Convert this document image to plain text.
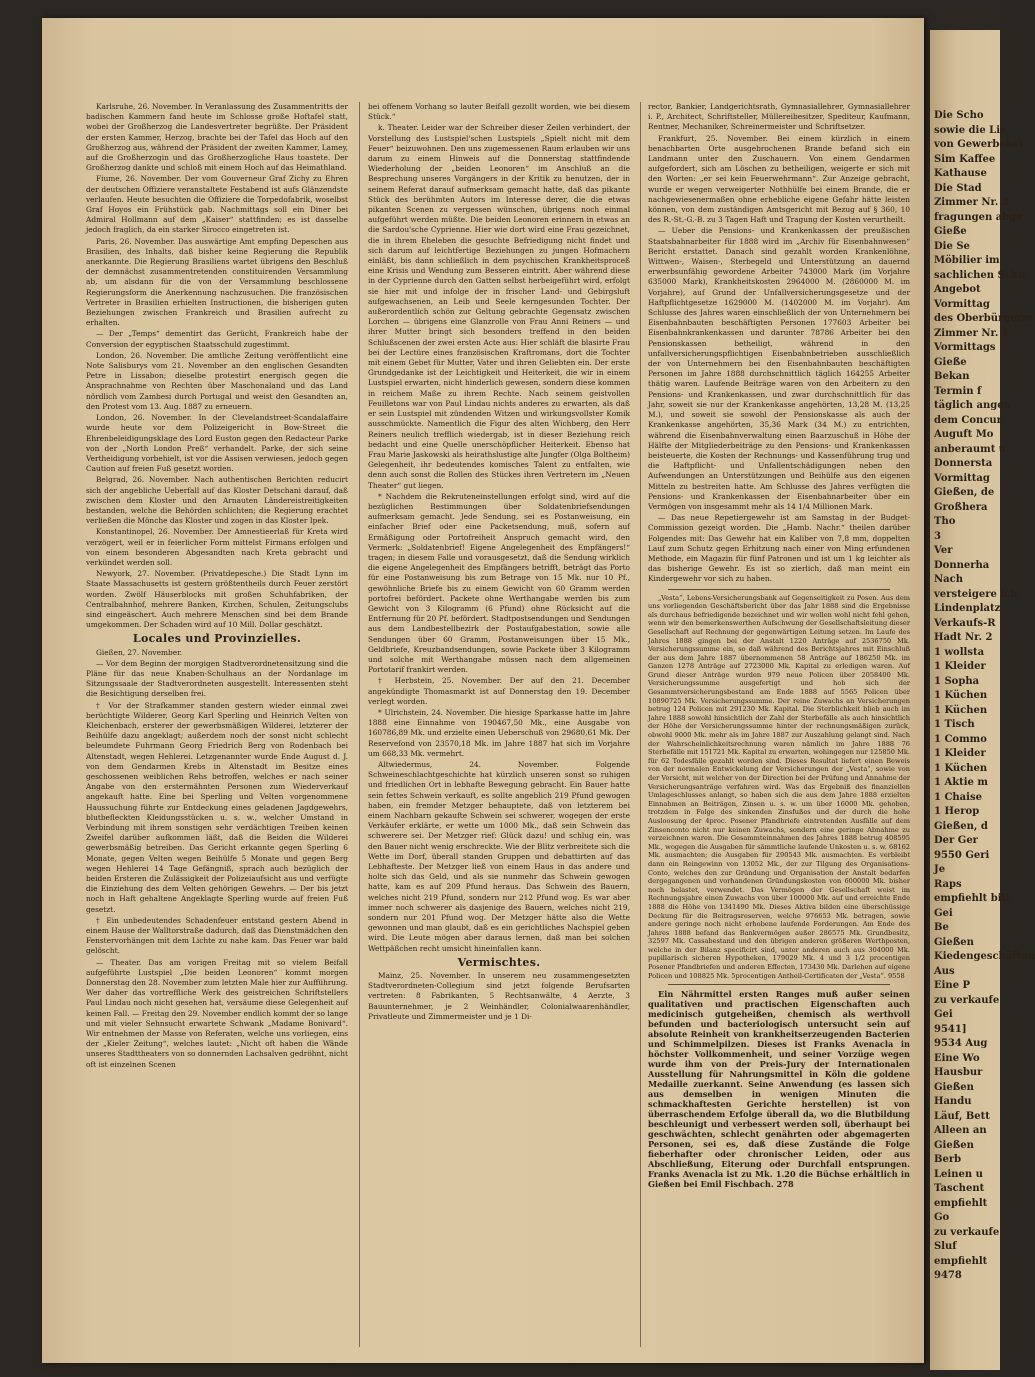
Karlsruhe, 26. November. In Veranlassung des Zusammentritts der badischen Kammern fand heute im Schlosse große Hoftafel statt, wobei der Großherzog die Landesvertreter begrüßte. Der Präsident der ersten Kammer, Herzog, brachte bei der Tafel das Hoch auf den Großherzog aus, während der Präsident der zweiten Kammer, Lamey, auf die Großherzogin und das Großherzogliche Haus toastete. Der Großherzog dankte und schloß mit einem Hoch auf das Heimathland.

Fiume, 26. November. Der vom Gouverneur Graf Zichy zu Ehren der deutschen Offiziere veranstaltete Festabend ist aufs Glänzendste verlaufen. Heute besuchten die Offiziere die Torpedofabrik, woselbst Graf Hoyos ein Frühstück gab. Nachmittags soll ein Diner bei Admiral Hollmann auf dem „Kaiser“ stattfinden; es ist dasselbe jedoch fraglich, da ein starker Sirocco eingetreten ist.

Paris, 26. November. Das auswärtige Amt empfing Depeschen aus Brasilien, des Inhalts, daß bisher keine Regierung die Republik anerkannte. Die Regierung Brasiliens wartet übrigens den Beschluß der demnächst zusammentretenden constituirenden Versammlung ab, um alsdann für die von der Versammlung beschlossene Regierungsform die Anerkennung nachzusuchen. Die französischen Vertreter in Brasilien erhielten Instructionen, die bisherigen guten Beziehungen zwischen Frankreich und Brasilien aufrecht zu erhalten.

— Der „Temps“ dementirt das Gerücht, Frankreich habe der Conversion der egyptischen Staatsschuld zugestimmt.

London, 26. November. Die amtliche Zeitung veröffentlicht eine Note Salisburys vom 21. November an den englischen Gesandten Petre in Lissabon; dieselbe protestirt energisch gegen die Ansprachnahme von Rechten über Maschonaland und das Land nördlich vom Zambesi durch Portugal und weist den Gesandten an, den Protest vom 13. Aug. 1887 zu erneuern.

London, 26. November. In der Clevelandstreet-Scandalaffaire wurde heute vor dem Polizeigericht in Bow-Street die Ehrenbeleidigungsklage des Lord Euston gegen den Redacteur Parke von der „North London Preß“ verhandelt. Parke, der sich seine Vertheidigung vorbehielt, ist vor die Assisen verwiesen, jedoch gegen Caution auf freien Fuß gesetzt worden.

Belgrad, 26. November. Nach authentischen Berichten reducirt sich der angebliche Ueberfall auf das Kloster Detschani darauf, daß zwischen dem Kloster und den Arnauten Ländereistreitigkeiten bestanden, welche die Behörden schlichten; die Regierung erachtet verließen die Mönche das Kloster und zogen in das Kloster Ipek.

Konstantinopel, 26. November. Der Amnestieerlaß für Kreta wird verzögert, weil er in feierlicher Form mittelst Firmans erfolgen und von einem besonderen Abgesandten nach Kreta gebracht und verkündet werden soll.

Newyork, 27. November. (Privatdepesche.) Die Stadt Lynn im Staate Massachusetts ist gestern größtentheils durch Feuer zerstört worden. Zwölf Häuserblocks mit großen Schuhfabriken, der Centralbahnhof, mehrere Banken, Kirchen, Schulen, Zeitungsclubs sind eingeäschert. Auch mehrere Menschen sind bei dem Brande umgekommen. Der Schaden wird auf 10 Mill. Dollar geschätzt.

Locales und Provinzielles.

Gießen, 27. November.

— Vor dem Beginn der morgigen Stadtverordnetensitzung sind die Pläne für das neue Knaben-Schulhaus an der Nordanlage im Sitzungssaale der Stadtverordneten ausgestellt. Interessenten steht die Besichtigung derselben frei.

† Vor der Strafkammer standen gestern wieder einmal zwei berüchtigte Wilderer, Georg Karl Sperling und Heinrich Velten von Kleichenbach, ersterer der gewerbsmäßigen Wilderei, letzterer der Beihülfe dazu angeklagt; außerdem noch der sonst nicht schlecht beleumdete Fuhrmann Georg Friedrich Berg von Rodenbach bei Altenstadt, wegen Hehlerei. Letzgenannter wurde Ende August d. J. von dem Gendarmen Krebs in Altenstadt im Besitze eines geschossenen weiblichen Rehs betroffen, welches er nach seiner Angabe von den erstermähnten Personen zum Wiederverkauf angekauft hatte. Eine bei Sperling und Velten vorgenommene Haussuchung führte zur Entdeckung eines geladenen Jagdgewehrs, blutbefleckten Kleidungsstücken u. s. w., welcher Umstand in Verbindung mit ihrem sonstigen sehr verdächtigen Treiben keinen Zweifel darüber aufkommen läßt, daß die Beiden die Wilderei gewerbsmäßig betreiben. Das Gericht erkannte gegen Sperling 6 Monate, gegen Velten wegen Beihülfe 5 Monate und gegen Berg wegen Hehlerei 14 Tage Gefängniß, sprach auch bezüglich der beiden Ersteren die Zulässigkeit der Polizeiaufsicht aus und verfügte die Einziehung des dem Velten gehörigen Gewehrs. — Der bis jetzt noch in Haft gehaltene Angeklagte Sperling wurde auf freien Fuß gesetzt.

† Ein unbedeutendes Schadenfeuer entstand gestern Abend in einem Hause der Walltorstraße dadurch, daß das Dienstmädchen den Fenstervorhängen mit dem Lichte zu nahe kam. Das Feuer war bald gelöscht.

— Theater. Das am vorigen Freitag mit so vielem Beifall aufgeführte Lustspiel „Die beiden Leonoren“ kommt morgen Donnerstag den 28. November zum letzten Male hier zur Aufführung. Wer daher das vortreffliche Werk des geistreichen Schriftstellers Paul Lindau noch nicht gesehen hat, versäume diese Gelegenheit auf keinen Fall. — Freitag den 29. November endlich kommt der so lange und mit vieler Sehnsucht erwartete Schwank „Madame Bonivard“. Wir entnehmen der Masse von Referaten, welche uns vorliegen, eins der „Kieler Zeitung“, welches lautet: „Nicht oft haben die Wände unseres Stadttheaters von so donnernden Lachsalven gedröhnt, nicht oft ist einzelnen Scenen

bei offenem Vorhang so lauter Beifall gezollt worden, wie bei diesem Stück.“

k. Theater. Leider war der Schreiber dieser Zeilen verhindert, der Vorstellung des Lustspiel'schen Lustspiels „Spielt nicht mit dem Feuer“ beizuwohnen. Den uns zugemessenen Raum erlauben wir uns darum zu einem Hinweis auf die Donnerstag stattfindende Wiederholung der „beiden Leonoren“ im Anschluß an die Besprechung unseres Vorgängers in der Kritik zu benutzen, der in seinem Referat darauf aufmerksam gemacht hatte, daß das pikante Stück des berühmten Autors im Interesse derer, die die etwas pikanten Scenen zu vergessen wünschen, übrigens noch einmal aufgeführt werden müßte. Die beiden Leonoren erinnern in etwas an die Sardou'sche Cyprienne. Hier wie dort wird eine Frau gezeichnet, die in ihrem Eheleben die gesuchte Befriedigung nicht findet und sich darum auf leichtfertige Beziehungen zu jungen Hofmachern einläßt, bis dann schließlich in dem psychischen Krankheitsproceß eine Krisis und Wendung zum Besseren eintritt. Aber während diese in der Cyprienne durch den Gatten selbst herbeigeführt wird, erfolgt sie hier mit und infolge der in frischer Land- und Gebirgsluft aufgewachsenen, an Leib und Seele kerngesunden Tochter. Der außerordentlich schön zur Geltung gebrachte Gegensatz zwischen Lorchen — übrigens eine Glanzrolle von Frau Anni Reiners — und ihrer Mutter bringt sich besonders treffend in den beiden Schlußscenen der zwei ersten Acte aus: Hier schläft die blasirte Frau bei der Lectüre eines französischen Kraftromans, dort die Tochter mit einem Gebet für Mutter, Vater und ihren Geliebten ein. Der erste Grundgedanke ist der Leichtigkeit und Heiterkeit, die wir in einem Lustspiel erwarten, nicht hinderlich gewesen, sondern diese kommen in reichem Maße zu ihrem Rechte. Nach seinem geistvollen Feuilletons war von Paul Lindau nichts anderes zu erwarten, als daß er sein Lustspiel mit zündenden Witzen und wirkungsvollster Komik ausschmückte. Namentlich die Figur des alten Wichberg, den Herr Reiners neulich trefflich wiedergab, ist in dieser Beziehung reich bedacht und eine Quelle unerschöpflicher Heiterkeit. Ebenso hat Frau Marie Jaskowski als heirathslustige alte Jungfer (Olga Boltheim) Gelegenheit, ihr bedeutendes komisches Talent zu entfalten, wie denn auch sonst die Rollen des Stückes ihren Vertretern im „Neuen Theater“ gut liegen.

* Nachdem die Rekruteneinstellungen erfolgt sind, wird auf die bezüglichen Bestimmungen über Soldatenbriefsendungen aufmerksam gemacht. Jede Sendung, sei es Postanweisung, ein einfacher Brief oder eine Packetsendung, muß, sofern auf Ermäßigung oder Portofreiheit Anspruch gemacht wird, den Vermerk: „Soldatenbrief! Eigene Angelegenheit des Empfängers!“ tragen; in diesem Falle und vorausgesetzt, daß die Sendung wirklich die eigene Angelegenheit des Empfängers betrifft, beträgt das Porto für eine Postanweisung bis zum Betrage von 15 Mk. nur 10 Pf., gewöhnliche Briefe bis zu einem Gewicht von 60 Gramm werden portofrei befördert. Packete ohne Werthangabe werden bis zum Gewicht von 3 Kilogramm (6 Pfund) ohne Rücksicht auf die Entfernung für 20 Pf. befördert. Stadtpostsendungen und Sendungen aus dem Landbestellbezirk der Postaufgabestation, sowie alle Sendungen über 60 Gramm, Postanweisungen über 15 Mk., Geldbriefe, Kreuzbandsendungen, sowie Packete über 3 Kilogramm und solche mit Werthangabe müssen nach dem allgemeinen Portotarif frankirt werden.

† Herbstein, 25. November. Der auf den 21. December angekündigte Thomasmarkt ist auf Donnerstag den 19. December verlegt worden.

* Ulrichstein, 24. November. Die hiesige Sparkasse hatte im Jahre 1888 eine Einnahme von 190467,50 Mk., eine Ausgabe von 160786,89 Mk. und erzielte einen Ueberschuß von 29680,61 Mk. Der Reservefond von 23570,18 Mk. im Jahre 1887 hat sich im Vorjahre um 668,33 Mk. vermehrt.

Altwiedermus, 24. November. Folgende Schweineschlachtgeschichte hat kürzlich unseren sonst so ruhigen und friedlichen Ort in lebhafte Bewegung gebracht. Ein Bauer hatte sein fettes Schwein verkauft, es sollte angeblich 219 Pfund gewogen haben, ein fremder Metzger behauptete, daß von letzterem bei einem Nachbarn gekaufte Schwein sei schwerer, wogegen der erste Verkäufer erklärte, er wette um 1000 Mk., daß sein Schwein das schwerere sei. Der Metzger rief: Glück dazu! und schlug ein, was den Bauer nicht wenig erschreckte. Wie der Blitz verbreitete sich die Wette im Dorf, überall standen Gruppen und debattirten auf das Lebhafteste. Der Metzger ließ von einem Haus in das andere und holte sich das Geld, und als sie nunmehr das Schwein gewogen hatte, kam es auf 209 Pfund heraus. Das Schwein des Bauern, welches nicht 219 Pfund, sondern nur 212 Pfund wog. Es war aber immer noch schwerer als dasjenige des Bauern, welches nicht 219, sondern nur 201 Pfund wog. Der Metzger hätte also die Wette gewonnen und man glaubt, daß es ein gerichtliches Nachspiel geben wird. Die Leute mögen aber daraus lernen, daß man bei solchen Wettpäßchen recht umsicht hineinfallen kann.

Vermischtes.

Mainz, 25. November. In unserem neu zusammengesetzten Stadtverordneten-Collegium sind jetzt folgende Berufsarten vertreten: 8 Fabrikanten, 5 Rechtsanwälte, 4 Aerzte, 3 Bauunternehmer, je 2 Weinhändler, Colonialwaarenhändler, Privatleute und Zimmermeister und je 1 Di-

rector, Bankier, Landgerichtsrath, Gymnasiallehrer, Gymnasiallehrer i. P., Architect, Schriftsteller, Müllereibesitzer, Spediteur, Kaufmann, Rentner, Mechaniker, Schreinermeister und Schriftsetzer.

Frankfurt, 25. November. Bei einem kürzlich in einem benachbarten Orte ausgebrochenen Brande befand sich ein Landmann unter den Zuschauern. Von einem Gendarmen aufgefordert, sich am Löschen zu betheiligen, weigerte er sich mit den Worten: „er sei kein Feuerwehrmann“. Zur Anzeige gebracht, wurde er wegen verweigerter Nothhülfe bei einem Brande, die er nachgewiesenermaßen ohne erhebliche eigene Gefahr hätte leisten können, von dem zuständigen Amtsgericht mit Bezug auf § 360, 10 des R.-St.-G.-B. zu 3 Tagen Haft und Tragung der Kosten verurtheilt.

— Ueber die Pensions- und Krankenkassen der preußischen Staatsbahnarbeiter für 1888 wird im „Archiv für Eisenbahnwesen“ Bericht erstattet. Danach sind gezahlt worden Krankenlöhne, Wittwen-, Waisen-, Sterbegeld und Unterstützung an dauernd erwerbsunfähig gewordene Arbeiter 743000 Mark (im Vorjahre 635000 Mark), Krankheitskosten 2964000 M. (2860000 M. im Vorjahre), auf Grund der Unfallversicherungsgesetze und der Haftpflichtgesetze 1629000 M. (1402000 M. im Vorjahr). Am Schlusse des Jahres waren einschließlich der von Unternehmern bei Eisenbahnbauten beschäftigten Personen 177603 Arbeiter bei Eisenbahnkrankenkassen und darunter 78786 Arbeiter bei den Pensionskassen betheiligt, während in den unfallversicherungspflichtigen Eisenbahnbetrieben ausschließlich der von Unternehmern bei den Eisenbahnbauten beschäftigten Personen im Jahre 1888 durchschnittlich täglich 164255 Arbeiter thätig waren. Laufende Beiträge waren von den Arbeitern zu den Pensions- und Krankenkassen, und zwar durchschnittlich für das Jahr, soweit sie nur der Krankenkasse angehörten, 13,28 M. (13,25 M.), und soweit sie sowohl der Pensionskasse als auch der Krankenkasse angehörten, 35,36 Mark (34 M.) zu entrichten, während die Eisenbahnverwaltung einen Baarzuschuß in Höhe der Hälfte der Mitgliederbeiträge zu den Pensions- und Krankenkassen beisteuerte, die Kosten der Rechnungs- und Kassenführung trug und die Haftpflicht- und Unfallentschädigungen neben den Aufwendungen an Unterstützungen und Beihülfe aus den eigenen Mitteln zu bestreiten hatte. Am Schlusse des Jahres verfügten die Pensions- und Krankenkassen der Eisenbahnarbeiter über ein Vermögen von insgesammt mehr als 14 1/4 Millionen Mark.

— Das neue Repetiergewehr ist am Samstag in der Budget-Commission gezeigt worden. Die „Hamb. Nachr.“ theilen darüber Folgendes mit: Das Gewehr hat ein Kaliber von 7,8 mm, doppelten Lauf zum Schutz gegen Erhitzung nach einer von Ming erfundenen Methode, ein Magazin für fünf Patronen und ist um 1 kg leichter als das bisherige Gewehr. Es ist so zierlich, daß man meint ein Kindergewehr vor sich zu haben.

„Vesta“, Lebens-Versicherungsbank auf Gegenseitigkeit zu Posen. Aus dem uns vorliegenden Geschäftsbericht über das Jahr 1888 sind die Ergebnisse als durchaus befriedigende bezeichnet und wir wollen wohl nicht fehl gehen, wenn wir den bemerkenswerthen Aufschwung der Gesellschaftsleitung dieser Gesellschaft auf Rechnung der gegenwärtigen Leitung setzen. Im Laufe des Jahres 1888 gingen bei der Anstalt 1220 Anträge auf 2536750 Mk. Versicherungssumme ein, so daß während des Berichtsjahres mit Einschluß der aus dem Jahre 1887 übernommenen 58 Anträge auf 186250 Mk. im Ganzen 1278 Anträge auf 2723000 Mk. Kapital zu erledigen waren. Auf Grund dieser Anträge wurden 979 neue Policen über 2058400 Mk. Versicherungssumme ausgefertigt und hob sich der Gesammtversicherungsbestand am Ende 1888 auf 5565 Policen über 10890725 Mk. Versicherungssumme. Der reine Zuwachs an Versicherungen betrug 124 Policen mit 291230 Mk. Kapital. Die Sterblichkeit blieb auch im Jahre 1888 sowohl hinsichtlich der Zahl der Sterbefälle als auch hinsichtlich der Höhe der Versicherungssumme hinter der rechnungsmäßigen zurück, obwohl 9000 Mk. mehr als im Jahre 1887 zur Auszahlung gelangt sind. Nach der Wahrscheinlichkeitsrechnung waren nämlich im Jahre 1888 76 Sterbefälle mit 151721 Mk. Kapital zu erwarten, wohingegen nur 125850 Mk. für 62 Todesfälle gezahlt worden sind. Dieses Resultat liefert einen Beweis von der normalen Entwickelung der Versicherungen der „Vesta“, sowie von der Vorsicht, mit welcher von der Direction bei der Prüfung und Annahme der Versicherungsanträge verfahren wird. Was das Ergebniß des finanziellen Umlageschlusses anlangt, so haben sich die aus dem Jahre 1888 erzielten Einnahmen an Beiträgen, Zinsen u. s. w. um über 16000 Mk. gehoben, trotzdem in Folge des sinkenden Zinsfußes und der durch die hohe Ausloosung der 4proc. Posener Pfandbriefe eintretenden Ausfälle auf dem Zinsenconto nicht nur keinen Zuwachs, sondern eine geringe Abnahme zu verzeichnen waren. Die Gesammteinnahmen des Jahres 1888 betrug 408595 Mk., wogegen die Ausgaben für sämmtliche laufende Unkosten u. s. w. 68162 Mk. ausmachten; die Ausgaben für 290543 Mk. ausmachten. Es verbleibt dann ein Reingewinn von 13052 Mk., der zur Tilgung des Organisations-Conto, welches den zur Gründung und Organisation der Anstalt bedarfen dergegangenen und vorhandenen Gründungskosten von 600000 Mk. bisher noch belastet, verwendet. Das Vermögen der Gesellschaft weist im Rechnungsjahre einen Zuwachs von über 100000 Mk. auf und erreichte Ende 1888 die Höhe von 1341490 Mk. Dieses Aktiva bilden eine überschüssige Deckung für die Beitragsreserven, welche 976653 Mk. betragen, sowie andere geringe noch nicht erhobene laufende Forderungen. Am Ende des Jahres 1888 befand das Bankvermögen außer 286575 Mk. Grundbesitz, 32597 Mk. Cassabestand und den übrigen anderen größeren Werthposten, welche in der Bilanz specificirt sind, unter anderen auch aus 304000 Mk. pupillarisch sicheren Hypotheken, 179029 Mk. 4 und 3 1/2 procentigen Posener Pfandbriefen und anderen Effecten, 173430 Mk. Darlehen auf eigene Policen und 108825 Mk. 5procentigen Antheil-Certificaten der „Vesta“. 9558

Ein Nährmittel ersten Ranges muß außer seinen qualitativen und practischen Eigenschaften auch medicinisch gutgeheißen, chemisch als werthvoll befunden und bacteriologisch untersucht sein auf absolute Reinheit von krankheitserzeugenden Bacterien und Schimmelpilzen. Dieses ist Franks Avenacla in höchster Vollkommenheit, und seiner Vorzüge wegen wurde ihm von der Preis-Jury der Internationalen Ausstellung für Nahrungsmittel in Köln die goldene Medaille zuerkannt. Seine Anwendung (es lassen sich aus demselben in wenigen Minuten die schmackhaftesten Gerichte herstellen) ist von überraschendem Erfolge überall da, wo die Blutbildung beschleunigt und verbessert werden soll, überhaupt bei geschwächten, schlecht genährten oder abgemagerten Personen, sei es, daß diese Zustände die Folge fieberhafter oder chronischer Leiden, oder aus Abschließung, Eiterung oder Durchfall entsprungen. Franks Avenacla ist zu Mk. 1.20 die Büchse erhältlich in Gießen bei Emil Fischbach. 278

Die Scho
sowie die Lie
von Gewerbebet
Sim Kaffee
Kathause
Die Stad
Zimmer Nr. 2
fragungen abge
Gieße
Die Se
Möbilier im
sachlichen Schu
Angebot
Vormittag
des Oberbürgerm
Zimmer Nr. 1
Vormittags
Gieße
Bekan
Termin f
täglich angen
dem Concur
Auguft Mo
anberaumt u
Donnersta
Vormittag
Gießen, de
Großhera
Tho
3
Ver
Donnerha
Nach
versteigere ich
Lindenplatz
Verkaufs-R
Hadt Nr. 2
1 wollsta
1 Kleider
1 Sopha
1 Küchen
1 Küchen
1 Tisch
1 Commo
1 Kleider
1 Küchen
1 Aktie m
1 Chaise
1 Herop
Gießen, d
Der Ger
9550 Geri
Je
Raps
empfiehlt bill
Gei
Be
Gießen
Kiedengeschäften
Aus
Eine P
zu verkaufe
Gei
9541]
9534 Aug
Eine Wo
Hausbur
Gießen
Handu
Läuf, Bett
Alleen an
Gießen
Berb
Leinen u
Taschent
empfiehlt
Go
zu verkaufe
Sluf
empfiehlt
9478
